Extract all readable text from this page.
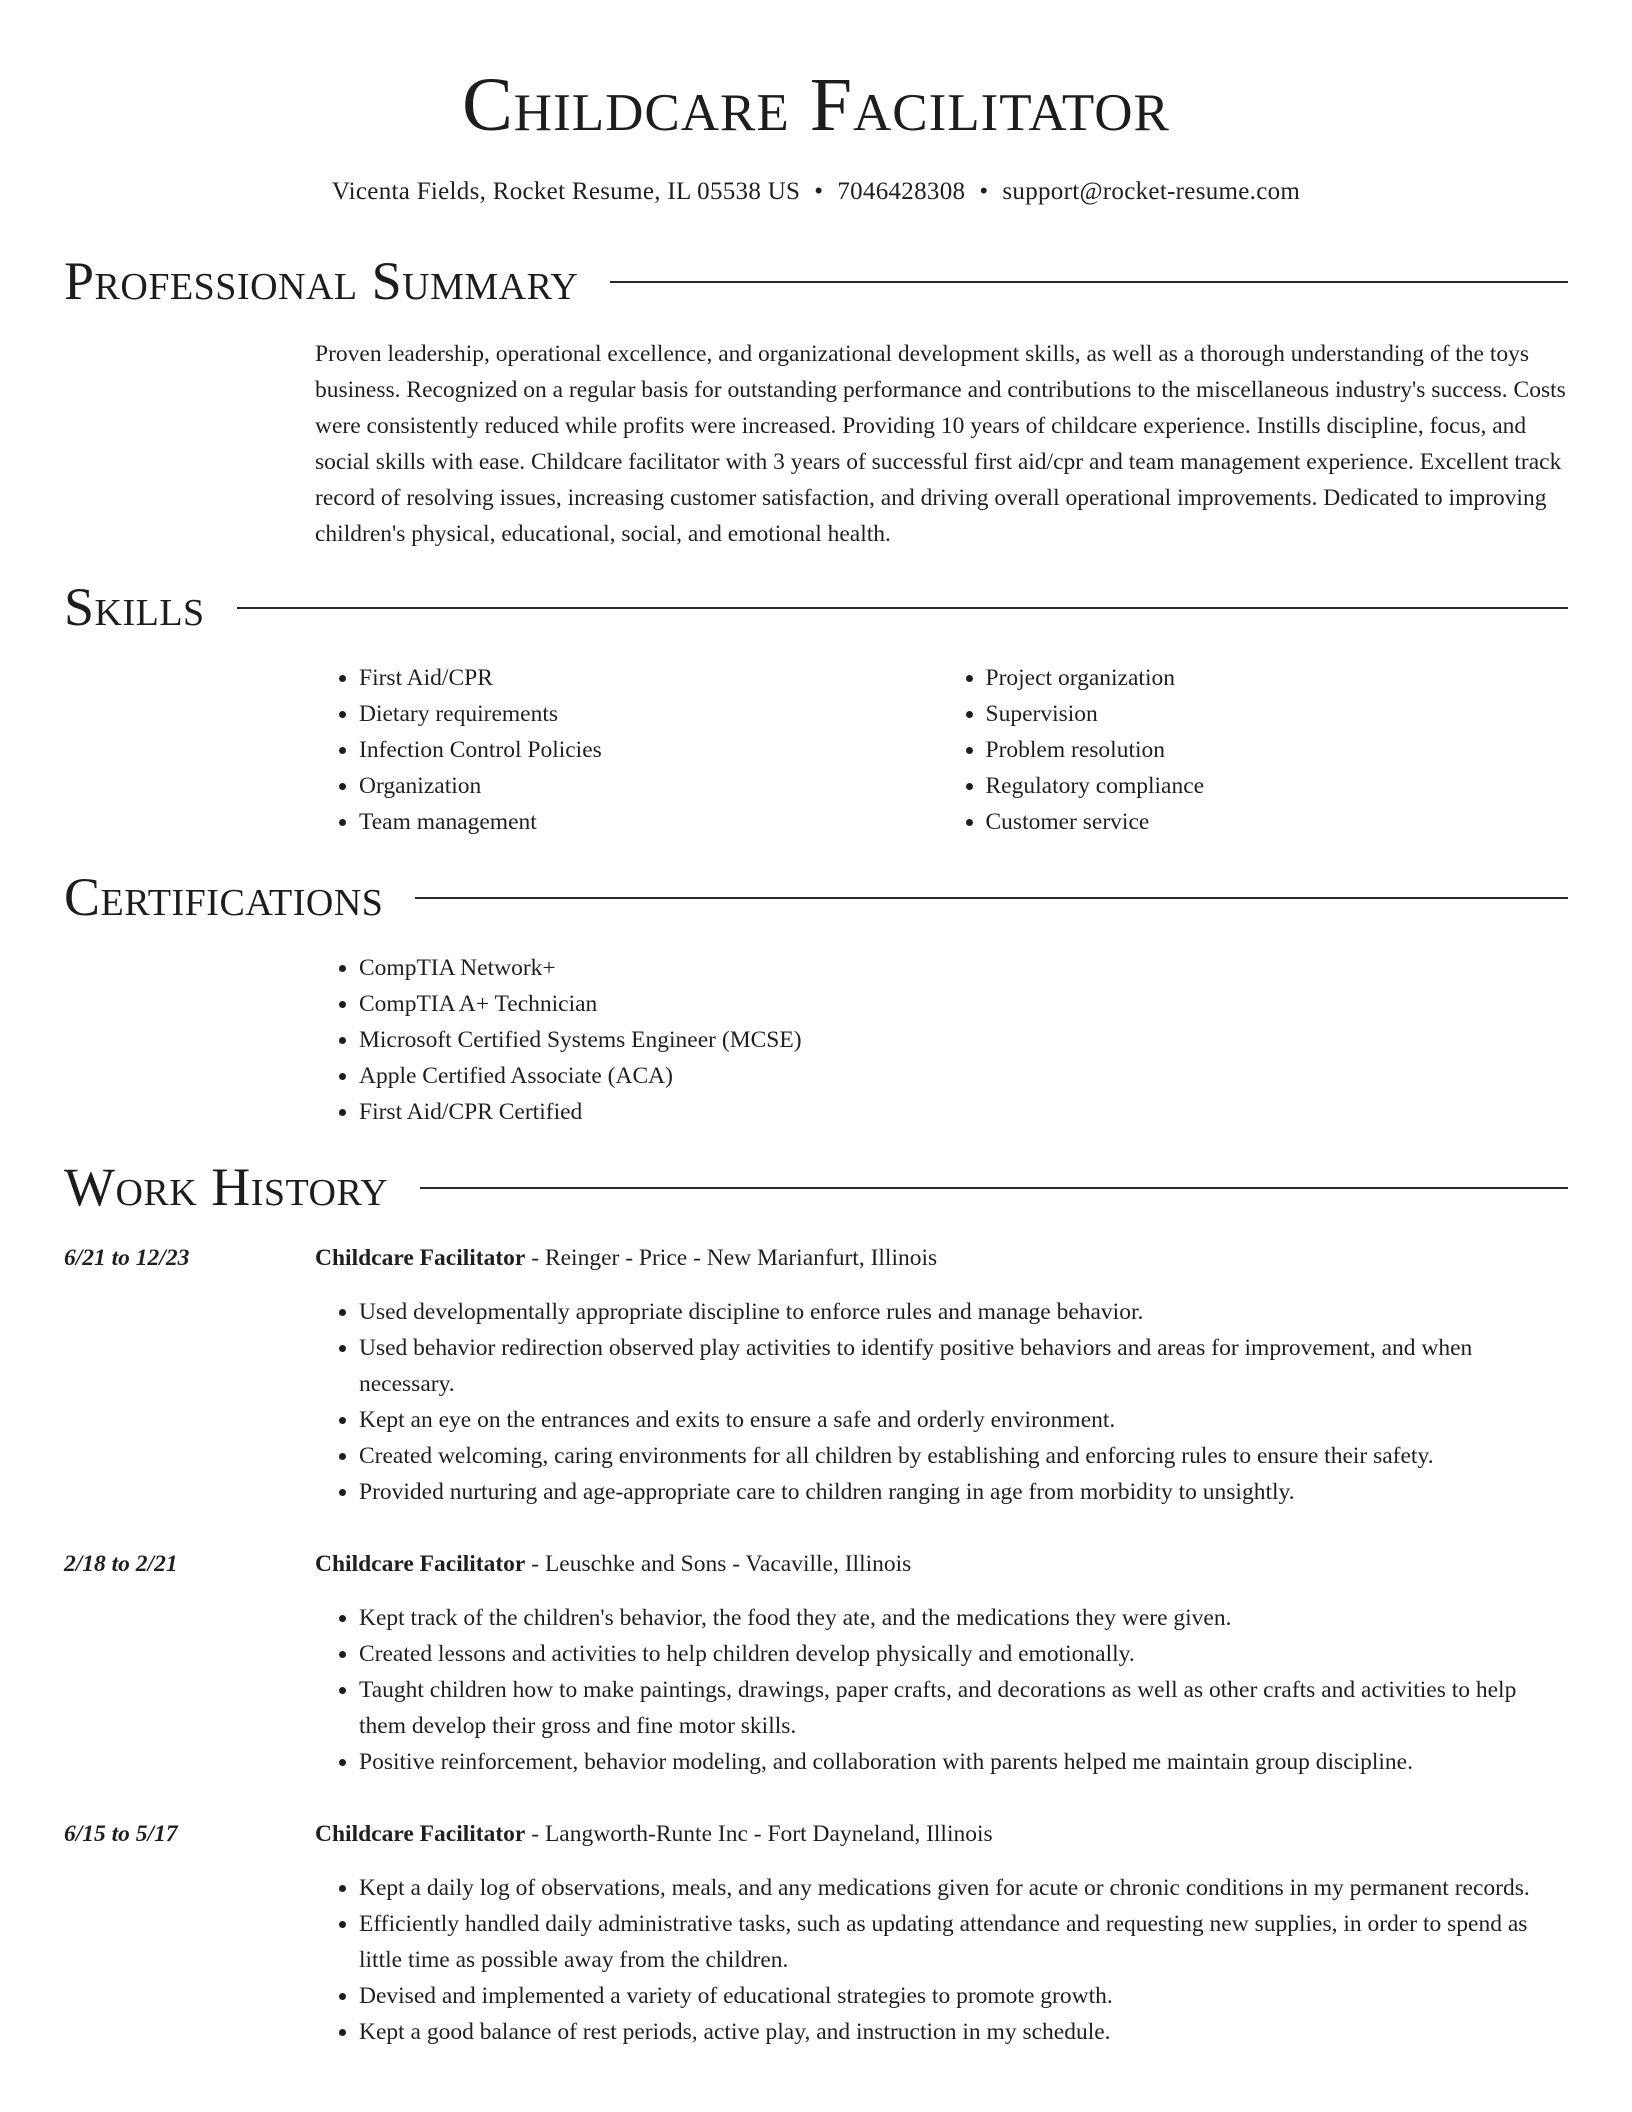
Childcare Facilitator
Vicenta Fields, Rocket Resume, IL 05538 US • 7046428308 • support@rocket-resume.com
Professional Summary
Proven leadership, operational excellence, and organizational development skills, as well as a thorough understanding of the toys business. Recognized on a regular basis for outstanding performance and contributions to the miscellaneous industry's success. Costs were consistently reduced while profits were increased. Providing 10 years of childcare experience. Instills discipline, focus, and social skills with ease. Childcare facilitator with 3 years of successful first aid/cpr and team management experience. Excellent track record of resolving issues, increasing customer satisfaction, and driving overall operational improvements. Dedicated to improving children's physical, educational, social, and emotional health.
Skills
• First Aid/CPR
• Dietary requirements
• Infection Control Policies
• Organization
• Team management
• Project organization
• Supervision
• Problem resolution
• Regulatory compliance
• Customer service
Certifications
• CompTIA Network+
• CompTIA A+ Technician
• Microsoft Certified Systems Engineer (MCSE)
• Apple Certified Associate (ACA)
• First Aid/CPR Certified
Work History
6/21 to 12/23	Childcare Facilitator - Reinger - Price - New Marianfurt, Illinois
• Used developmentally appropriate discipline to enforce rules and manage behavior.
• Used behavior redirection observed play activities to identify positive behaviors and areas for improvement, and when necessary.
• Kept an eye on the entrances and exits to ensure a safe and orderly environment.
• Created welcoming, caring environments for all children by establishing and enforcing rules to ensure their safety.
• Provided nurturing and age-appropriate care to children ranging in age from morbidity to unsightly.
2/18 to 2/21	Childcare Facilitator - Leuschke and Sons - Vacaville, Illinois
• Kept track of the children's behavior, the food they ate, and the medications they were given.
• Created lessons and activities to help children develop physically and emotionally.
• Taught children how to make paintings, drawings, paper crafts, and decorations as well as other crafts and activities to help them develop their gross and fine motor skills.
• Positive reinforcement, behavior modeling, and collaboration with parents helped me maintain group discipline.
6/15 to 5/17	Childcare Facilitator - Langworth-Runte Inc - Fort Dayneland, Illinois
• Kept a daily log of observations, meals, and any medications given for acute or chronic conditions in my permanent records.
• Efficiently handled daily administrative tasks, such as updating attendance and requesting new supplies, in order to spend as little time as possible away from the children.
• Devised and implemented a variety of educational strategies to promote growth.
• Kept a good balance of rest periods, active play, and instruction in my schedule.
